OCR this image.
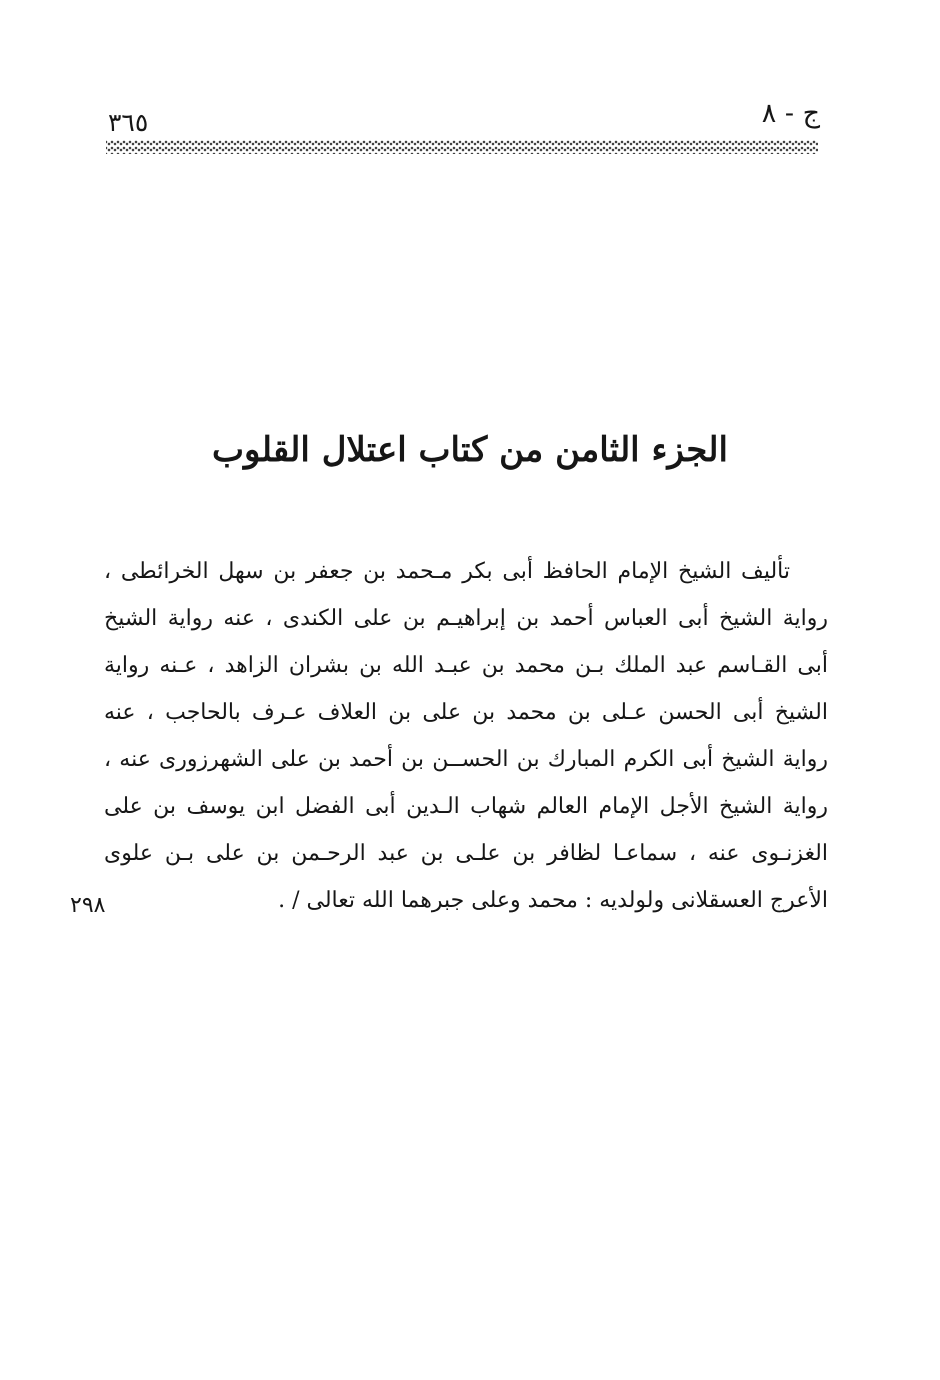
ج - ٨
٣٦٥
الجزء الثامن من كتاب اعتلال القلوب
تأليف الشيخ الإمام الحافظ أبى بكر مـحمد بن جعفر بن سهل الخرائطى ،
رواية الشيخ أبى العباس أحمد بن إبراهيـم بن على الكندى ، عنه رواية الشيخ
أبى القـاسم عبد الملك بـن محمد بن عبـد الله بن بشران الزاهد ، عـنه رواية
الشيخ أبى الحسن عـلى بن محمد بن على بن العلاف عـرف بالحاجب ، عنه
رواية الشيخ أبى الكرم المبارك بن الحســن بن أحمد بن على الشهرزورى عنه ،
رواية الشيخ الأجل الإمام العالم شهاب الـدين أبى الفضل ابن يوسف بن على
الغزنـوى عنه ، سماعـا لظافر بن علـى بن عبد الرحـمن بن على بـن علوى
الأعرج العسقلانى ولولديه : محمد وعلى جبرهما الله تعالى / .
٢٩٨
